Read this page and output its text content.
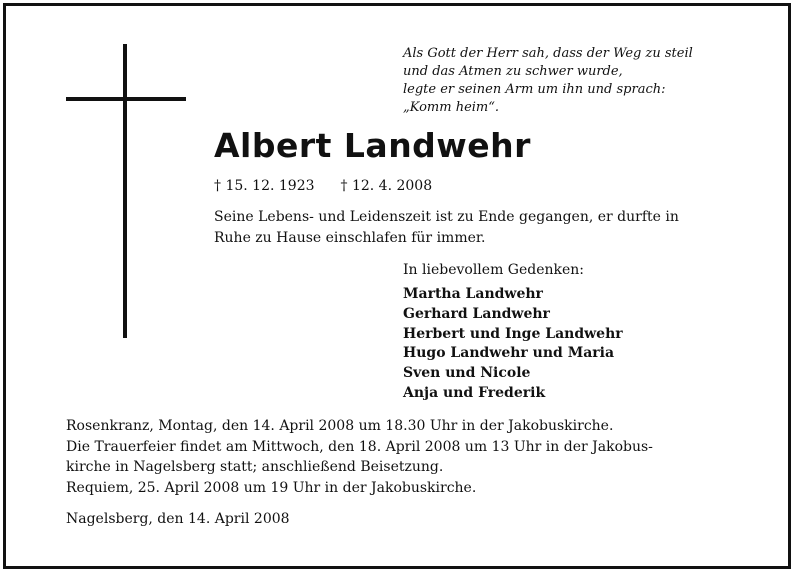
Als Gott der Herr sah, dass der Weg zu steil
und das Atmen zu schwer wurde,
legte er seinen Arm um ihn und sprach:
„Komm heim“.
Albert Landwehr
† 15. 12. 1923 † 12. 4. 2008
Seine Lebens- und Leidenszeit ist zu Ende gegangen, er durfte in
Ruhe zu Hause einschlafen für immer.
In liebevollem Gedenken:
Martha Landwehr
Gerhard Landwehr
Herbert und Inge Landwehr
Hugo Landwehr und Maria
Sven und Nicole
Anja und Frederik
Rosenkranz, Montag, den 14. April 2008 um 18.30 Uhr in der Jakobuskirche.
Die Trauerfeier findet am Mittwoch, den 18. April 2008 um 13 Uhr in der Jakobus-
kirche in Nagelsberg statt; anschließend Beisetzung.
Requiem, 25. April 2008 um 19 Uhr in der Jakobuskirche.
Nagelsberg, den 14. April 2008
